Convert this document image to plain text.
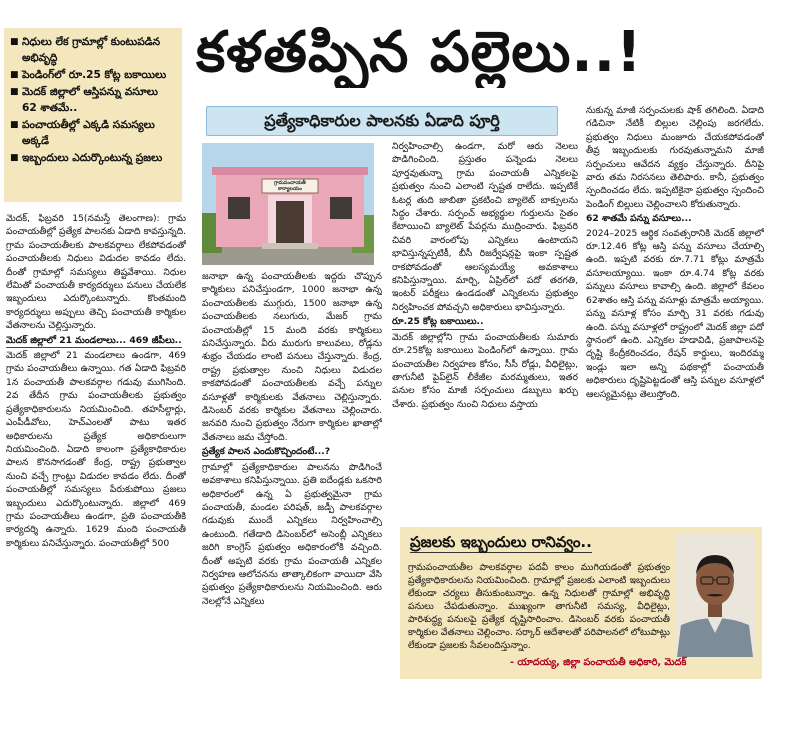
■ నిధులు లేక గ్రామాల్లో కుంటుపడిన అభివృద్ధి
■ పెండింగ్‌లో రూ.25 కోట్ల బకాయిలు
■ మెదక్ జిల్లాలో ఆస్తిపన్ను వసూలు 62 శాతమే..
■ పంచాయతీల్లో ఎక్కడి సమస్యలు అక్కడే
■ ఇబ్బందులు ఎదుర్కొంటున్న ప్రజలు
కళతప్పిన పల్లెలు..!
ప్రత్యేకాధికారుల పాలనకు ఏడాది పూర్తి
గ్రామపంచాయతీ కార్యాలయం

మెదక్, ఫిబ్రవరి 15(నమస్తే తెలంగాణ): గ్రామ పంచాయతీల్లో ప్రత్యేక పాలనకు ఏడాది కావస్తున్నది. గ్రామ పంచాయతీలకు పాలకవర్గాలు లేకపోవడంతో పంచాయతీలకు నిధులు విడుదల కావడం లేదు. దీంతో గ్రామాల్లో సమస్యలు తిష్టవేశాయి. నిధుల లేమితో పంచాయతీ కార్యదర్శులు పనులు చేయలేక ఇబ్బందులు ఎదుర్కొంటున్నారు. కొంతమంది కార్యదర్శులు అప్పులు తెచ్చి పంచాయతీ కార్మికుల వేతనాలను చెల్లిస్తున్నారు.

మెదక్ జిల్లాలో 21 మండలాలు... 469 జీపీలు..

మెదక్ జిల్లాలో 21 మండలాలు ఉండగా, 469 గ్రామ పంచాయతీలు ఉన్నాయి. గత ఏడాది ఫిబ్రవరి 1న పంచాయతీ పాలకవర్గాల గడువు ముగిసింది. 2వ తేదీన గ్రామ పంచాయతీలకు ప్రభుత్వం ప్రత్యేకాధికారులను నియమించింది. తహసీల్దార్లు, ఎంపీడీవోలు, హెచ్‌ఎంలతో పాటు ఇతర అధికారులను ప్రత్యేక అధికారులుగా నియమించింది. ఏడాది కాలంగా ప్రత్యేకాధికారుల పాలన కొనసాగడంతో కేంద్ర, రాష్ట్ర ప్రభుత్వాల నుంచి వచ్చే గ్రాంట్లు విడుదల కావడం లేదు. దీంతో పంచాయతీల్లో సమస్యలు పేరుకుపోయి ప్రజలు ఇబ్బందులు ఎదుర్కొంటున్నారు. జిల్లాలో 469 గ్రామ పంచాయతీలు ఉండగా, ప్రతి పంచాయతీకి కార్యదర్శి ఉన్నారు. 1629 మంది పంచాయతీ కార్మికులు పనిచేస్తున్నారు. పంచాయతీల్లో 500

జనాభా ఉన్న పంచాయతీలకు ఇద్దరు చొప్పున కార్మికులు పనిచేస్తుండగా, 1000 జనాభా ఉన్న పంచాయతీలకు ముగ్గురు, 1500 జనాభా ఉన్న పంచాయతీలకు నలుగురు, మేజర్ గ్రామ పంచాయతీల్లో 15 మంది వరకు కార్మికులు పనిచేస్తున్నారు. వీరు మురుగు కాలువలు, రోడ్లను శుభ్రం చేయడం లాంటి పనులు చేస్తున్నారు. కేంద్ర, రాష్ట్ర ప్రభుత్వాల నుంచి నిధులు విడుదల కాకపోవడంతో పంచాయతీలకు వచ్చే పన్నుల వసూళ్లతో కార్మికులకు వేతనాలు చెల్లిస్తున్నారు. డిసెంబర్ వరకు కార్మికుల వేతనాలు చెల్లించారు. జనవరి నుంచి ప్రభుత్వం నేరుగా కార్మికుల ఖాతాల్లో వేతనాలు జమ చేస్తోంది.

ప్రత్యేక పాలన ఎందుకొచ్చిందంటే...?

గ్రామాల్లో ప్రత్యేకాధికారుల పాలనను పొడిగించే అవకాశాలు కనిపిస్తున్నాయి. ప్రతి ఐదేండ్లకు ఒకసారి అధికారంలో ఉన్న ఏ ప్రభుత్వమైనా గ్రామ పంచాయతీ, మండల పరిషత్, జడ్పీ పాలకవర్గాల గడువుకు ముందే ఎన్నికలు నిర్వహించాల్సి ఉంటుంది. గతేడాది డిసెంబర్‌లో అసెంబ్లీ ఎన్నికలు జరిగి కాంగ్రెస్ ప్రభుత్వం అధికారంలోకి వచ్చింది. దీంతో అప్పటి వరకు గ్రామ పంచాయతీ ఎన్నికల నిర్వహణ ఆలోచనను తాత్కాలికంగా వాయిదా వేసి ప్రభుత్వం ప్రత్యేకాధికారులను నియమించింది. ఆరు నెలల్లోనే ఎన్నికలు

నిర్వహించాల్సి ఉండగా, మరో ఆరు నెలలు పొడిగించింది. ప్రస్తుతం పన్నెండు నెలలు పూర్తవుతున్నా గ్రామ పంచాయతీ ఎన్నికలపై ప్రభుత్వం నుంచి ఎలాంటి స్పష్టత రాలేదు. ఇప్పటికే ఓటర్ల తుది జాబితా ప్రకటించి బ్యాలెట్ బాక్సులను సిద్ధం చేశారు. సర్పంచ్ అభ్యర్థుల గుర్తులను సైతం కేటాయించి బ్యాలెట్ పేపర్లను ముద్రించారు. ఫిబ్రవరి చివరి వారంలోపు ఎన్నికలు ఉంటాయని భావిస్తున్నప్పటికీ, బీసీ రిజర్వేషన్లపై ఇంకా స్పష్టత రాకపోవడంతో ఆలస్యమయ్యే అవకాశాలు కనిపిస్తున్నాయి. మార్చి, ఏప్రిల్‌లో పదో తరగతి, ఇంటర్ పరీక్షలు ఉండడంతో ఎన్నికలను ప్రభుత్వం నిర్వహించక పోవచ్చని అధికారులు భావిస్తున్నారు.

రూ.25 కోట్ల బకాయిలు..

మెదక్ జిల్లాల్లోని గ్రామ పంచాయతీలకు సుమారు రూ.25కోట్ల బకాయిలు పెండింగ్‌లో ఉన్నాయి. గ్రామ పంచాయతీల నిర్వహణ కోసం, సీసీ రోడ్లు, వీధిలైట్లు, తాగునీటి పైప్‌లైన్ లీకేజీల మరమ్మతులు, ఇతర పనుల కోసం మాజీ సర్పంచులు డబ్బులు ఖర్చు చేశారు. ప్రభుత్వం నుంచి నిధులు వస్తాయ

నుకున్న మాజీ సర్పంచులకు షాక్ తగిలింది. ఏడాది గడిచినా నేటికీ బిల్లుల చెల్లింపు జరగలేదు. ప్రభుత్వం నిధులు మంజూరు చేయకపోవడంతో తీవ్ర ఇబ్బందులకు గురవుతున్నామని మాజీ సర్పంచులు ఆవేదన వ్యక్తం చేస్తున్నారు. దీనిపై వారు తమ నిరసనలు తెలిపారు. కానీ, ప్రభుత్వం స్పందించడం లేదు. ఇప్పటికైనా ప్రభుత్వం స్పందించి పెండింగ్ బిల్లులు చెల్లించాలని కోరుతున్నారు.

62 శాతమే పన్ను వసూలు...

2024–2025 ఆర్థిక సంవత్సరానికి మెదక్ జిల్లాలో రూ.12.46 కోట్ల ఆస్తి పన్ను వసూలు చేయాల్సి ఉంది. ఇప్పటి వరకు రూ.7.71 కోట్లు మాత్రమే వసూలయ్యాయి. ఇంకా రూ.4.74 కోట్ల వరకు పన్నులు వసూలు కావాల్సి ఉంది. జిల్లాలో కేవలం 62శాతం ఆస్తి పన్ను వసూళ్లు మాత్రమే అయ్యాయి. పన్ను వసూళ్ల కోసం మార్చి 31 వరకు గడువు ఉంది. పన్ను వసూళ్లలో రాష్ట్రంలో మెదక్ జిల్లా పదో స్థానంలో ఉంది. ఎన్నికల హడావిడి, ప్రజాపాలనపై దృష్టి కేంద్రీకరించడం, రేషన్ కార్డులు, ఇందిరమ్మ ఇండ్లు ఇలా అన్ని పథకాల్లో పంచాయతీ అధికారులు దృష్టిపెట్టడంతో ఆస్తి పన్నుల వసూళ్లలో ఆలస్యమైనట్లు తెలుస్తోంది.

ప్రజలకు ఇబ్బందులు రానివ్వం..
గ్రామపంచాయతీల పాలకవర్గాల పదవీ కాలం ముగియడంతో ప్రభుత్వం ప్రత్యేకాధికారులను నియమించింది. గ్రామాల్లో ప్రజలకు ఎలాంటి ఇబ్బందులు లేకుండా చర్యలు తీసుకుంటున్నాం. ఉన్న నిధులతో గ్రామాల్లో అభివృద్ధి పనులు చేపడుతున్నాం. ముఖ్యంగా తాగునీటి సమస్య, వీధిలైట్లు, పారిశుద్ధ్య పనులపై ప్రత్యేక దృష్టిసారించాం. డిసెంబర్ వరకు పంచాయతీ కార్మికుల వేతనాలు చెల్లించాం. సర్కార్ ఆదేశాలతో పరిపాలనలో లోటుపాట్లు లేకుండా ప్రజలకు సేవలందిస్తున్నాం.
- యాదయ్య, జిల్లా పంచాయతీ అధికారి, మెదక్
